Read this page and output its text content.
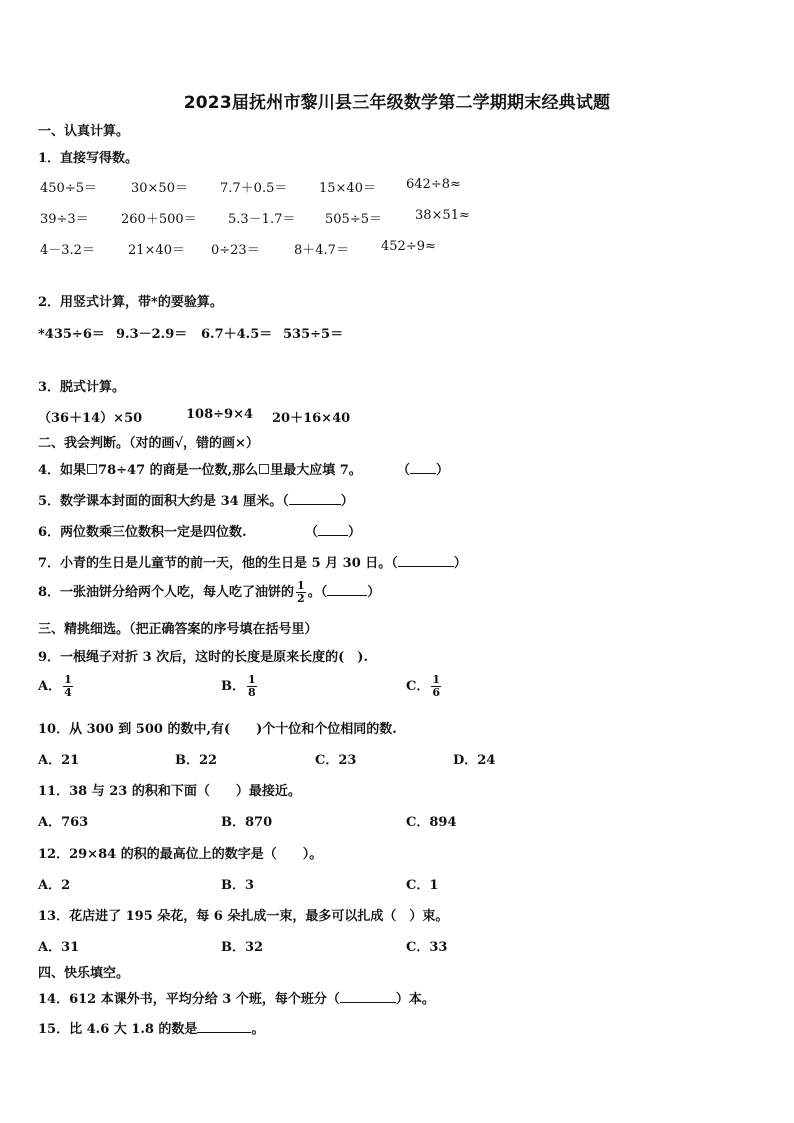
2023届抚州市黎川县三年级数学第二学期期末经典试题
一、认真计算。
1．直接写得数。
450÷5＝	30×50＝ 7.7＋0.5＝ 15×40＝ 642÷8≈
39÷3＝ 260＋500＝ 5.3－1.7＝ 505÷5＝	38×51≈
4－3.2＝	21×40＝ 0÷23＝	8＋4.7＝ 452÷9≈
2．用竖式计算，带*的要验算。
*435÷6＝ 9.3－2.9＝ 6.7＋4.5＝ 535÷5＝
3．脱式计算。
（36＋14）×50	108÷9×4 20＋16×40
二、我会判断。（对的画√，错的画×）
4．如果 78÷47 的商是一位数,那么 里最大应填 7。	（ ）
5．数学课本封面的面积大约是 34 厘米。（	）
6．两位数乘三位数积一定是四位数.	（ ）
7．小青的生日是儿童节的前一天，他的生日是 5 月 30 日。（	）
8．一张油饼分给两个人吃，每人吃了油饼的 $\frac{1}{2}$ 。（	）
三、精挑细选。（把正确答案的序号填在括号里）
9．一根绳子对折 3 次后，这时的长度是原来长度的(　).
A． $\frac{1}{4}$	B． $\frac{1}{8}$	C． $\frac{1}{6}$
10．从 300 到 500 的数中,有(　　)个十位和个位相同的数.
A．21	B．22	C．23	D．24
11．38 与 23 的积和下面（　　）最接近。
A．763	B．870	C．894
12．29×84 的积的最高位上的数字是（　　）。
A．2	B．3	C．1
13．花店进了 195 朵花，每 6 朵扎成一束，最多可以扎成（　）束。
A．31	B．32	C．33
四、快乐填空。
14．612 本课外书，平均分给 3 个班，每个班分（	）本。
15．比 4.6 大 1.8 的数是	。
